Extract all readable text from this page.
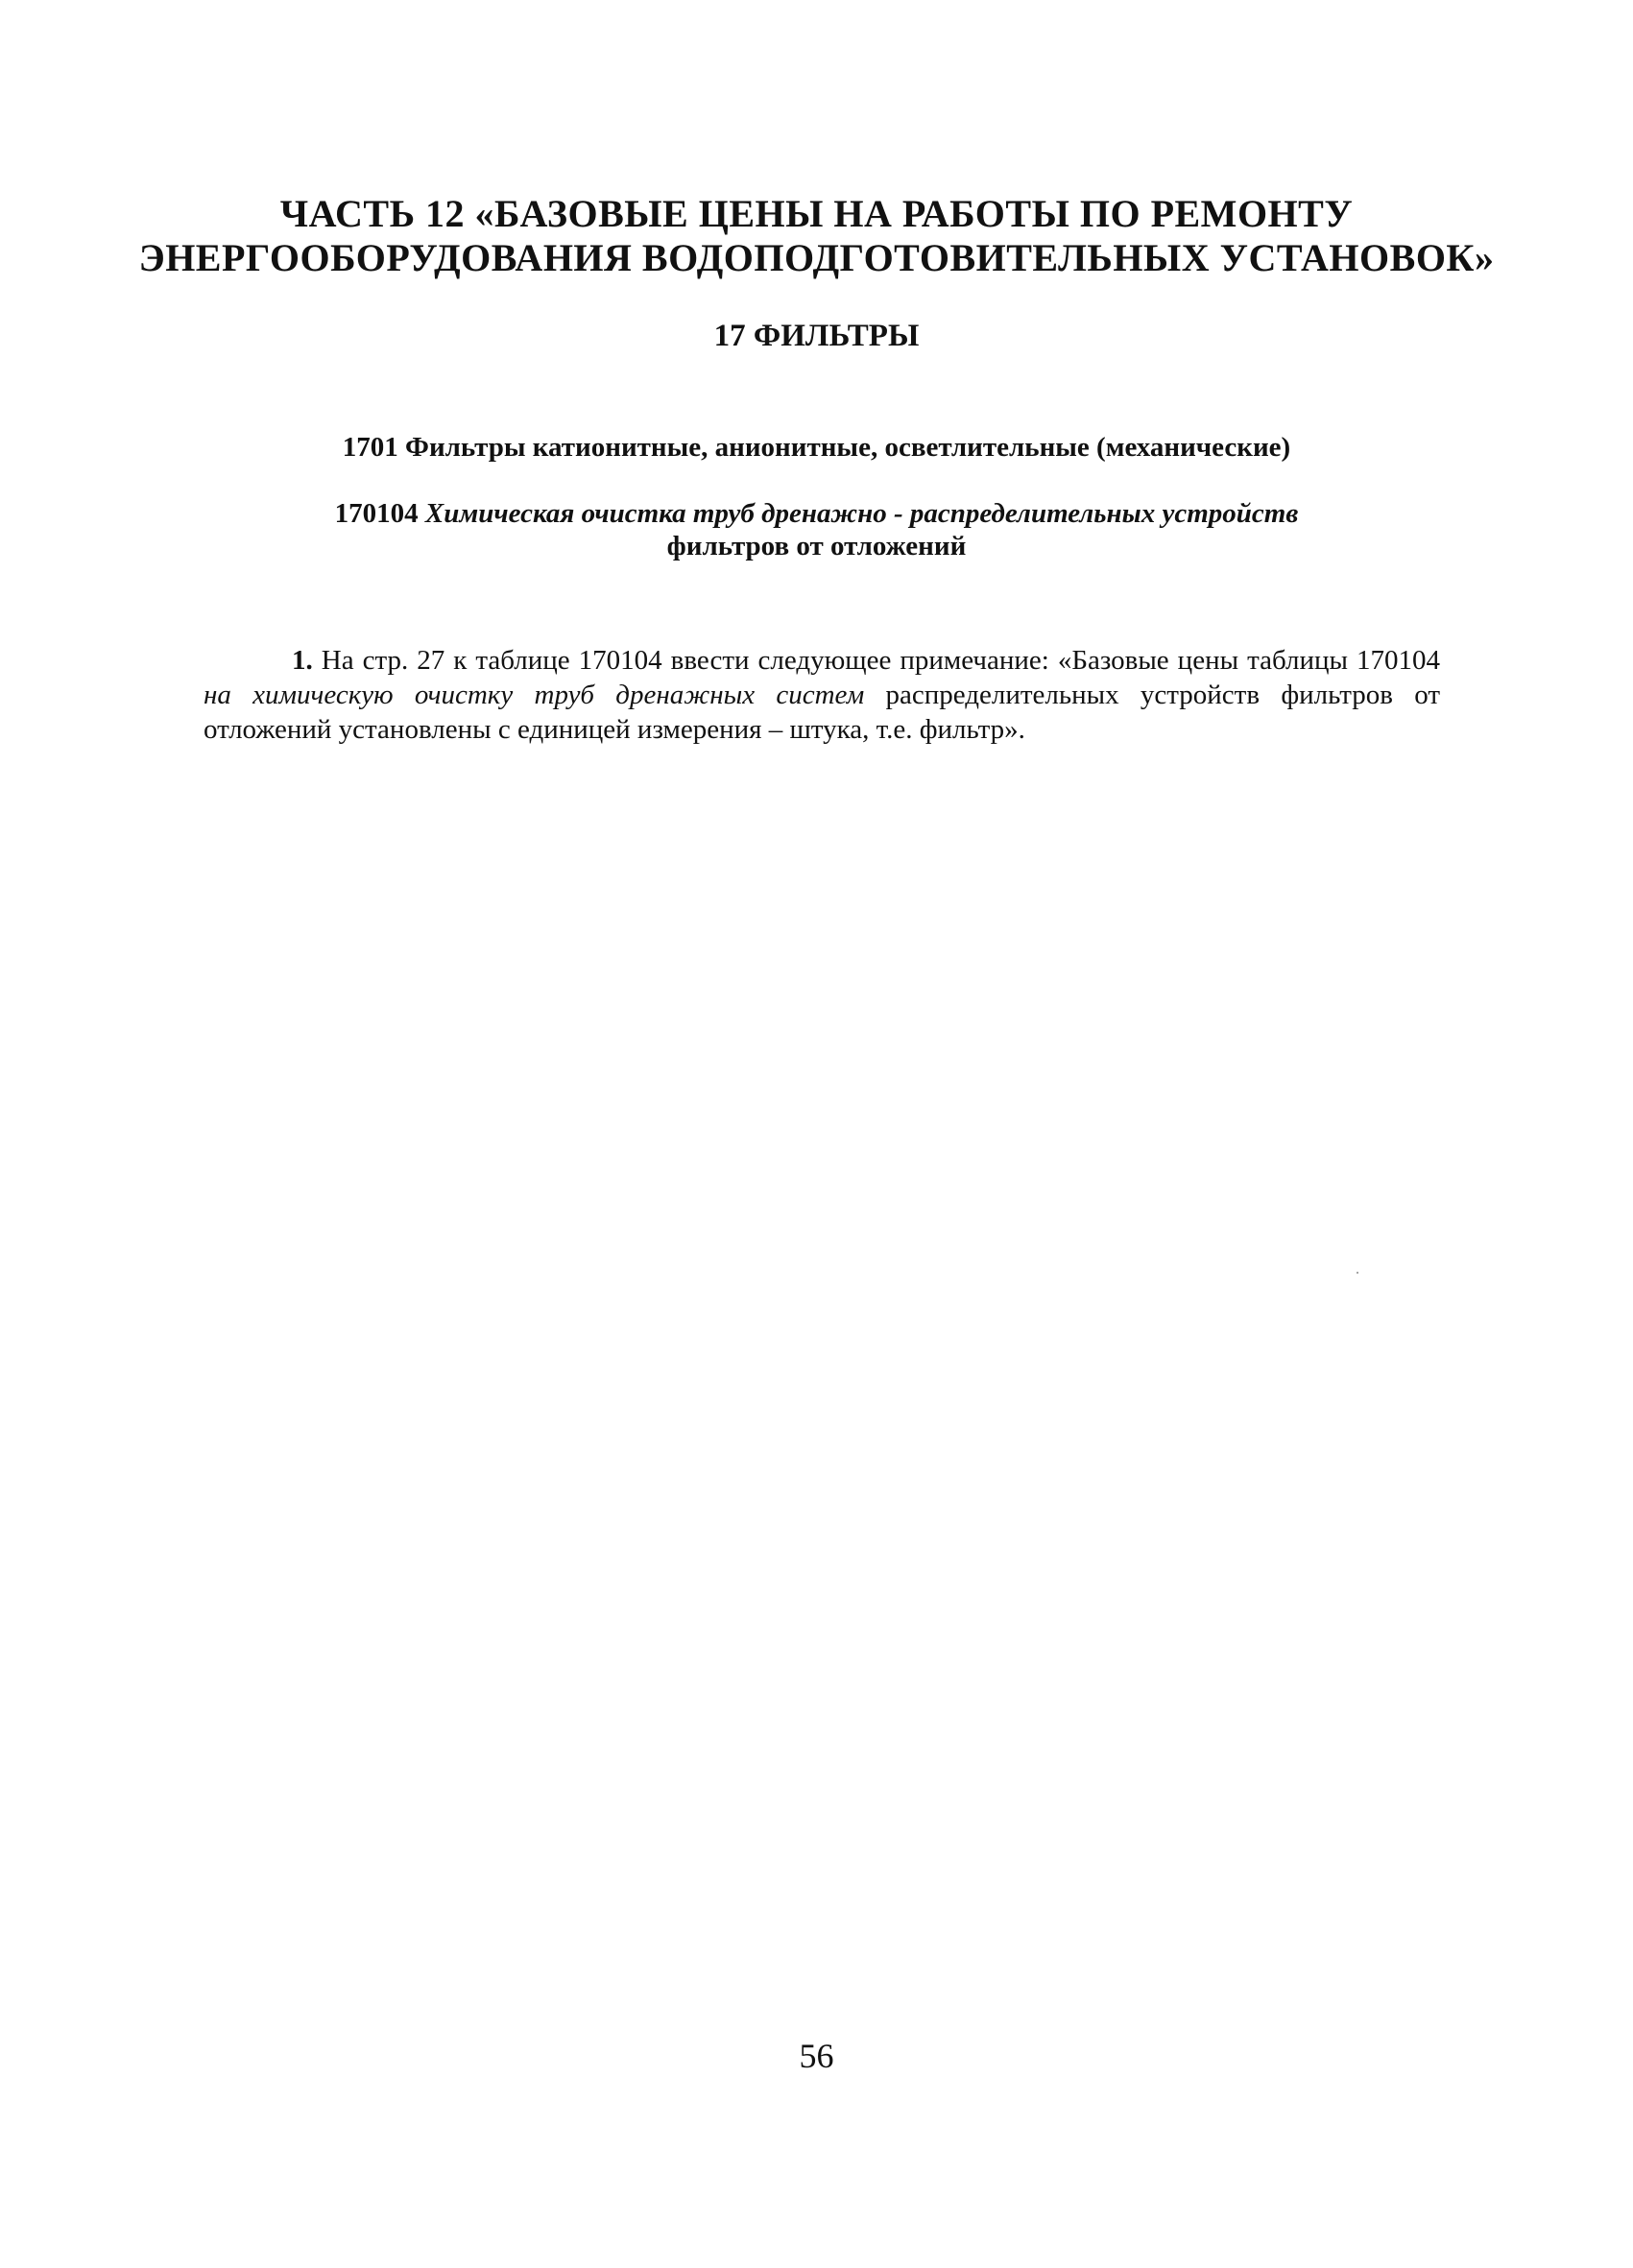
ЧАСТЬ 12 «БАЗОВЫЕ ЦЕНЫ НА РАБОТЫ ПО РЕМОНТУ
ЭНЕРГООБОРУДОВАНИЯ ВОДОПОДГОТОВИТЕЛЬНЫХ УСТАНОВОК»
17 ФИЛЬТРЫ
1701 Фильтры катионитные, анионитные, осветлительные (механические)
170104 Химическая очистка труб дренажно - распределительных устройств
фильтров от отложений
1. На стр. 27 к таблице 170104 ввести следующее примечание: «Базовые цены таблицы 170104 на химическую очистку труб дренажных систем распределительных устройств фильтров от отложений установлены с единицей измерения – штука, т.е. фильтр».
56
